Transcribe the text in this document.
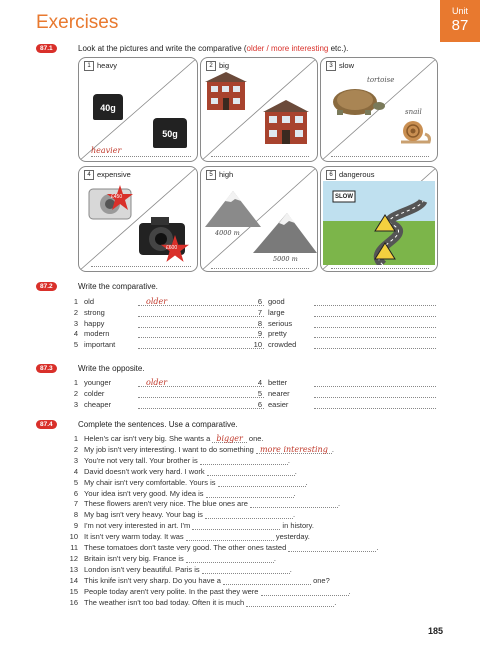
Exercises
Unit
87
87.1	Look at the pictures and write the comparative (older / more interesting etc.).
1 heavy
40g
50g
heavier
2 big	3 slow
tortoise
snail
4 expensive
£450
£600
5 high
4000 m
5000 m
6 dangerous
SLOW
87.2	Write the comparative.
1 old	older
2 strong
3 happy
4 modern
5 important
6 good
7 large
8 serious
9 pretty
10 crowded
87.3	Write the opposite.
1 younger	older
2 colder
3 cheaper
4 better
5 nearer
6 easier
87.4	Complete the sentences. Use a comparative.
1 Helen's car isn't very big. She wants a bigger one.
2 My job isn't very interesting. I want to do something more interesting .
3 You're not very tall. Your brother is	.
4 David doesn't work very hard. I work	.
5 My chair isn't very comfortable. Yours is	.
6 Your idea isn't very good. My idea is	.
7 These flowers aren't very nice. The blue ones are	.
8 My bag isn't very heavy. Your bag is	.
9 I'm not very interested in art. I'm	in history.
10 It isn't very warm today. It was	yesterday.
11 These tomatoes don't taste very good. The other ones tasted	.
12 Britain isn't very big. France is	.
13 London isn't very beautiful. Paris is	.
14 This knife isn't very sharp. Do you have a	one?
15 People today aren't very polite. In the past they were	.
16 The weather isn't too bad today. Often it is much	.
185
